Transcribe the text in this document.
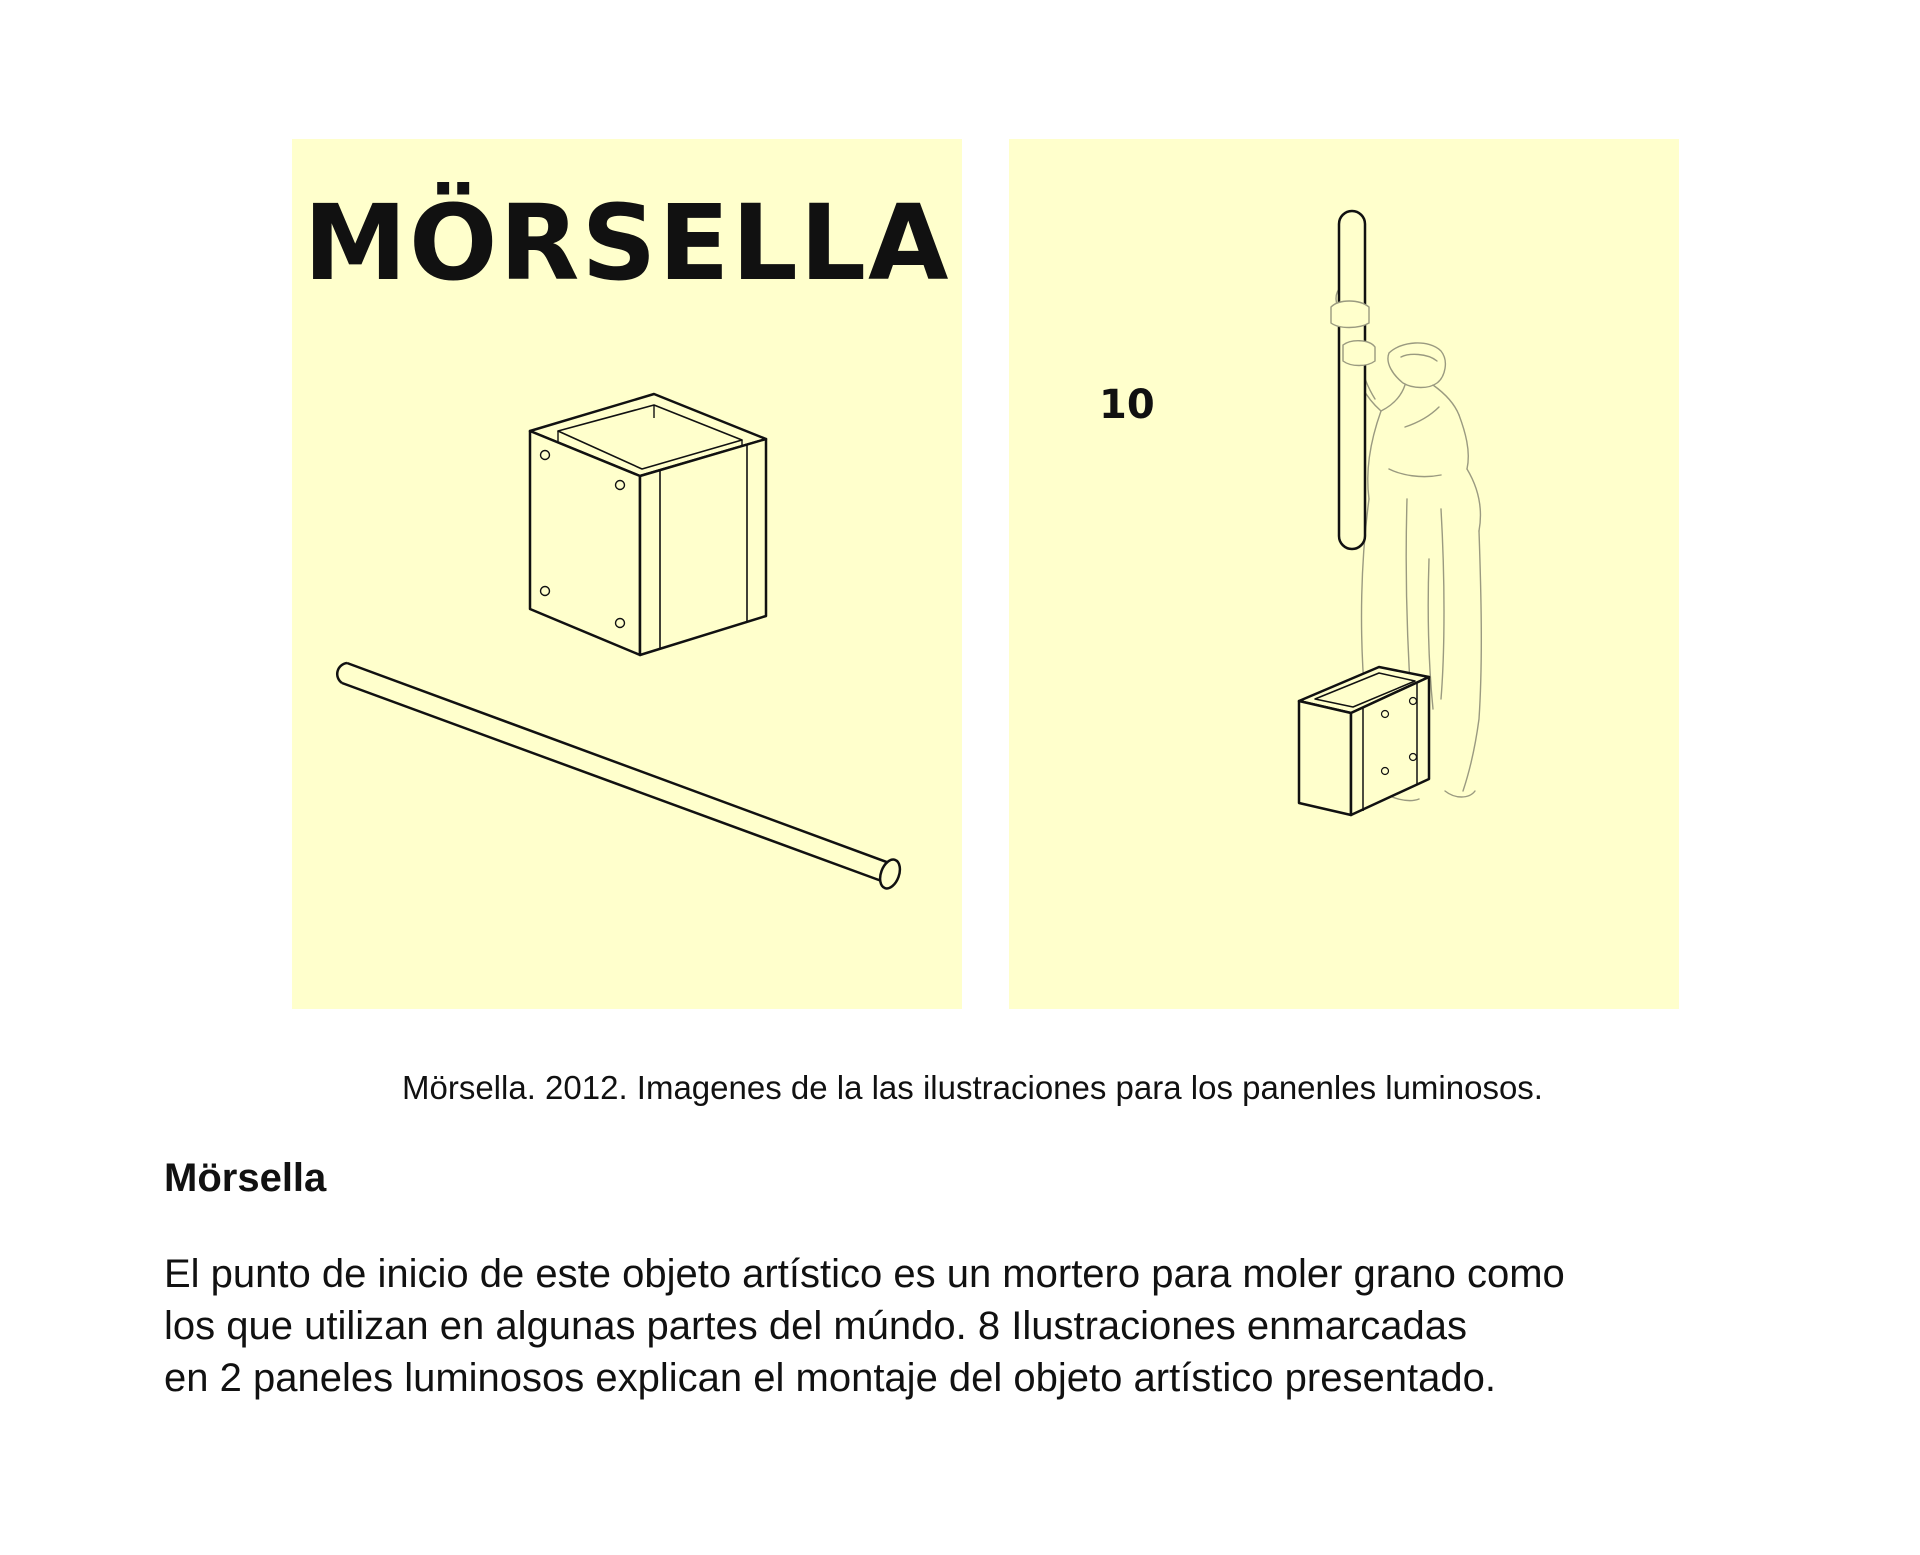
MÖRSELLA
10
Mörsella. 2012. Imagenes de la las ilustraciones para los panenles luminosos.
Mörsella
El punto de inicio de este objeto artístico es un mortero para moler grano como
los que utilizan en algunas partes del múndo. 8 Ilustraciones enmarcadas
en 2 paneles luminosos explican el montaje del objeto artístico presentado.
